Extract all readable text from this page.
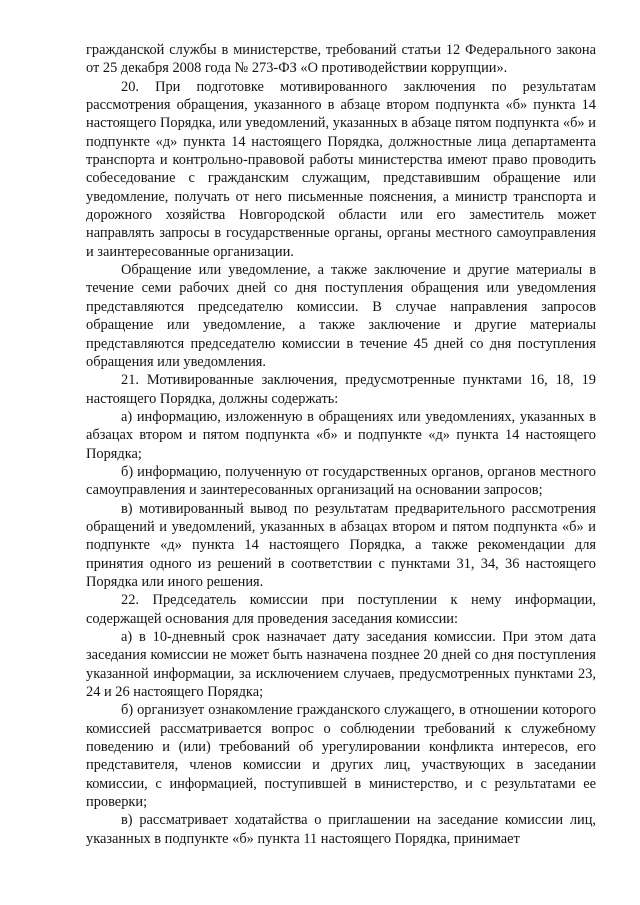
гражданской службы в министерстве, требований статьи 12 Федерального закона от 25 декабря 2008 года № 273-ФЗ «О противодействии коррупции».

20. При подготовке мотивированного заключения по результатам рассмотрения обращения, указанного в абзаце втором подпункта «б» пункта 14 настоящего Порядка, или уведомлений, указанных в абзаце пятом подпункта «б» и подпункте «д» пункта 14 настоящего Порядка, должностные лица департамента транспорта и контрольно-правовой работы министерства имеют право проводить собеседование с гражданским служащим, представившим обращение или уведомление, получать от него письменные пояснения, а министр транспорта и дорожного хозяйства Новгородской области или его заместитель может направлять запросы в государственные органы, органы местного самоуправления и заинтересованные организации.

Обращение или уведомление, а также заключение и другие материалы в течение семи рабочих дней со дня поступления обращения или уведомления представляются председателю комиссии. В случае направления запросов обращение или уведомление, а также заключение и другие материалы представляются председателю комиссии в течение 45 дней со дня поступления обращения или уведомления.

21. Мотивированные заключения, предусмотренные пунктами 16, 18, 19 настоящего Порядка, должны содержать:

а) информацию, изложенную в обращениях или уведомлениях, указанных в абзацах втором и пятом подпункта «б» и подпункте «д» пункта 14 настоящего Порядка;

б) информацию, полученную от государственных органов, органов местного самоуправления и заинтересованных организаций на основании запросов;

в) мотивированный вывод по результатам предварительного рассмотрения обращений и уведомлений, указанных в абзацах втором и пятом подпункта «б» и подпункте «д» пункта 14 настоящего Порядка, а также рекомендации для принятия одного из решений в соответствии с пунктами 31, 34, 36 настоящего Порядка или иного решения.

22. Председатель комиссии при поступлении к нему информации, содержащей основания для проведения заседания комиссии:

а) в 10-дневный срок назначает дату заседания комиссии. При этом дата заседания комиссии не может быть назначена позднее 20 дней со дня поступления указанной информации, за исключением случаев, предусмотренных пунктами 23, 24 и 26 настоящего Порядка;

б) организует ознакомление гражданского служащего, в отношении которого комиссией рассматривается вопрос о соблюдении требований к служебному поведению и (или) требований об урегулировании конфликта интересов, его представителя, членов комиссии и других лиц, участвующих в заседании комиссии, с информацией, поступившей в министерство, и с результатами ее проверки;

в) рассматривает ходатайства о приглашении на заседание комиссии лиц, указанных в подпункте «б» пункта 11 настоящего Порядка, принимает
